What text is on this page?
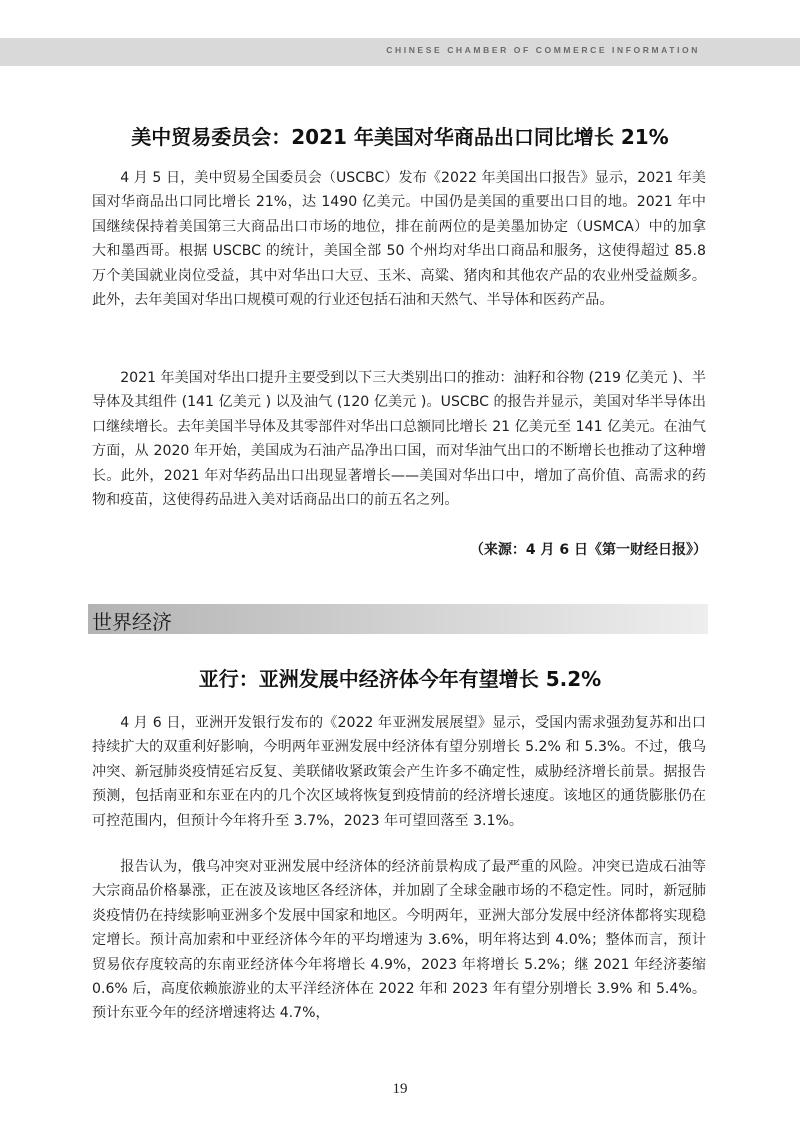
CHINESE CHAMBER OF COMMERCE INFORMATION
美中贸易委员会：2021 年美国对华商品出口同比增长 21%

4 月 5 日，美中贸易全国委员会（USCBC）发布《2022 年美国出口报告》显示，2021 年美国对华商品出口同比增长 21%，达 1490 亿美元。中国仍是美国的重要出口目的地。2021 年中国继续保持着美国第三大商品出口市场的地位，排在前两位的是美墨加协定（USMCA）中的加拿大和墨西哥。根据 USCBC 的统计，美国全部 50 个州均对华出口商品和服务，这使得超过 85.8 万个美国就业岗位受益，其中对华出口大豆、玉米、高粱、猪肉和其他农产品的农业州受益颇多。此外，去年美国对华出口规模可观的行业还包括石油和天然气、半导体和医药产品。

2021 年美国对华出口提升主要受到以下三大类别出口的推动：油籽和谷物 (219 亿美元 )、半导体及其组件 (141 亿美元 ) 以及油气 (120 亿美元 )。USCBC 的报告并显示，美国对华半导体出口继续增长。去年美国半导体及其零部件对华出口总额同比增长 21 亿美元至 141 亿美元。在油气方面，从 2020 年开始，美国成为石油产品净出口国，而对华油气出口的不断增长也推动了这种增长。此外，2021 年对华药品出口出现显著增长——美国对华出口中，增加了高价值、高需求的药物和疫苗，这使得药品进入美对话商品出口的前五名之列。

（来源：4 月 6 日《第一财经日报》）
世界经济
亚行：亚洲发展中经济体今年有望增长 5.2%

4 月 6 日，亚洲开发银行发布的《2022 年亚洲发展展望》显示，受国内需求强劲复苏和出口持续扩大的双重利好影响，今明两年亚洲发展中经济体有望分别增长 5.2% 和 5.3%。不过，俄乌冲突、新冠肺炎疫情延宕反复、美联储收紧政策会产生许多不确定性，威胁经济增长前景。据报告预测，包括南亚和东亚在内的几个次区域将恢复到疫情前的经济增长速度。该地区的通货膨胀仍在可控范围内，但预计今年将升至 3.7%，2023 年可望回落至 3.1%。

报告认为，俄乌冲突对亚洲发展中经济体的经济前景构成了最严重的风险。冲突已造成石油等大宗商品价格暴涨，正在波及该地区各经济体，并加剧了全球金融市场的不稳定性。同时，新冠肺炎疫情仍在持续影响亚洲多个发展中国家和地区。今明两年，亚洲大部分发展中经济体都将实现稳定增长。预计高加索和中亚经济体今年的平均增速为 3.6%，明年将达到 4.0%；整体而言，预计贸易依存度较高的东南亚经济体今年将增长 4.9%，2023 年将增长 5.2%；继 2021 年经济萎缩 0.6% 后，高度依赖旅游业的太平洋经济体在 2022 年和 2023 年有望分别增长 3.9% 和 5.4%。预计东亚今年的经济增速将达 4.7%，

19
